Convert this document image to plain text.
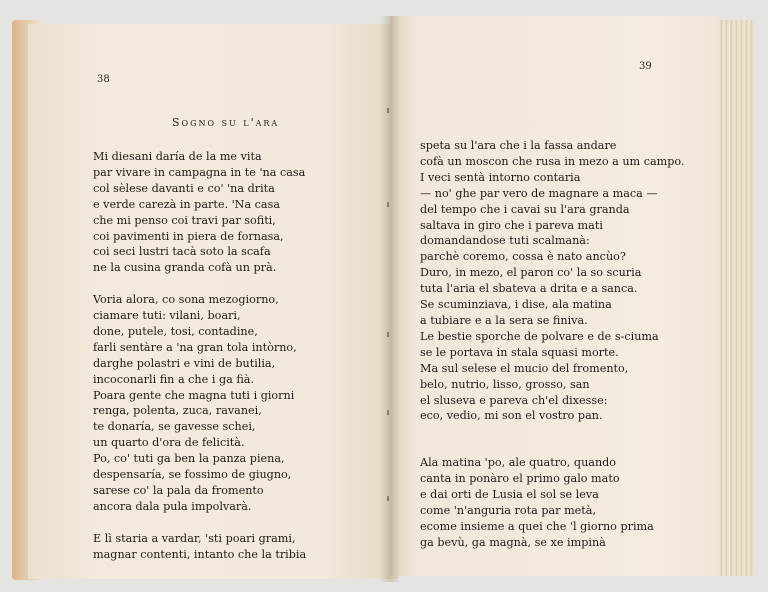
38
39
Sogno su l'ara
Mi diesani daría de la me vita
par vivare in campagna in te 'na casa
col sèlese davanti e co' 'na drita
e verde carezà in parte. 'Na casa
che mi penso coi travi par sofiti,
coi pavimenti in piera de fornasa,
coi seci lustri tacà soto la scafa
ne la cusina granda cofà un prà.
Voria alora, co sona mezogiorno,
ciamare tuti: vilani, boari,
done, putele, tosi, contadine,
farli sentàre a 'na gran tola intòrno,
darghe polastri e vini de butilia,
incoconarli fin a che i ga fià.
Poara gente che magna tuti i giorni
renga, polenta, zuca, ravanei,
te donaría, se gavesse schei,
un quarto d'ora de felicità.
Po, co' tuti ga ben la panza piena,
despensaría, se fossimo de giugno,
sarese co' la pala da fromento
ancora dala pula impolvarà.
E lì staria a vardar, 'sti poari grami,
magnar contenti, intanto che la tribia
speta su l'ara che i la fassa andare
cofà un moscon che rusa in mezo a um campo.
I veci sentà intorno contaria
— no' ghe par vero de magnare a maca —
del tempo che i cavai su l'ara granda
saltava in giro che i pareva mati
domandandose tuti scalmanà:
parchè coremo, cossa è nato ancùo?
Duro, in mezo, el paron co' la so scuria
tuta l'aria el sbateva a drita e a sanca.
Se scuminziava, i dise, ala matina
a tubiare e a la sera se finiva.
Le bestie sporche de polvare e de s-ciuma
se le portava in stala squasi morte.
Ma sul selese el mucio del fromento,
belo, nutrio, lisso, grosso, san
el sluseva e pareva ch'el dixesse:
eco, vedio, mi son el vostro pan.
Ala matina 'po, ale quatro, quando
canta in ponàro el primo galo mato
e dai orti de Lusia el sol se leva
come 'n'anguria rota par metà,
ecome insieme a quei che 'l giorno prima
ga bevù, ga magnà, se xe impinà
